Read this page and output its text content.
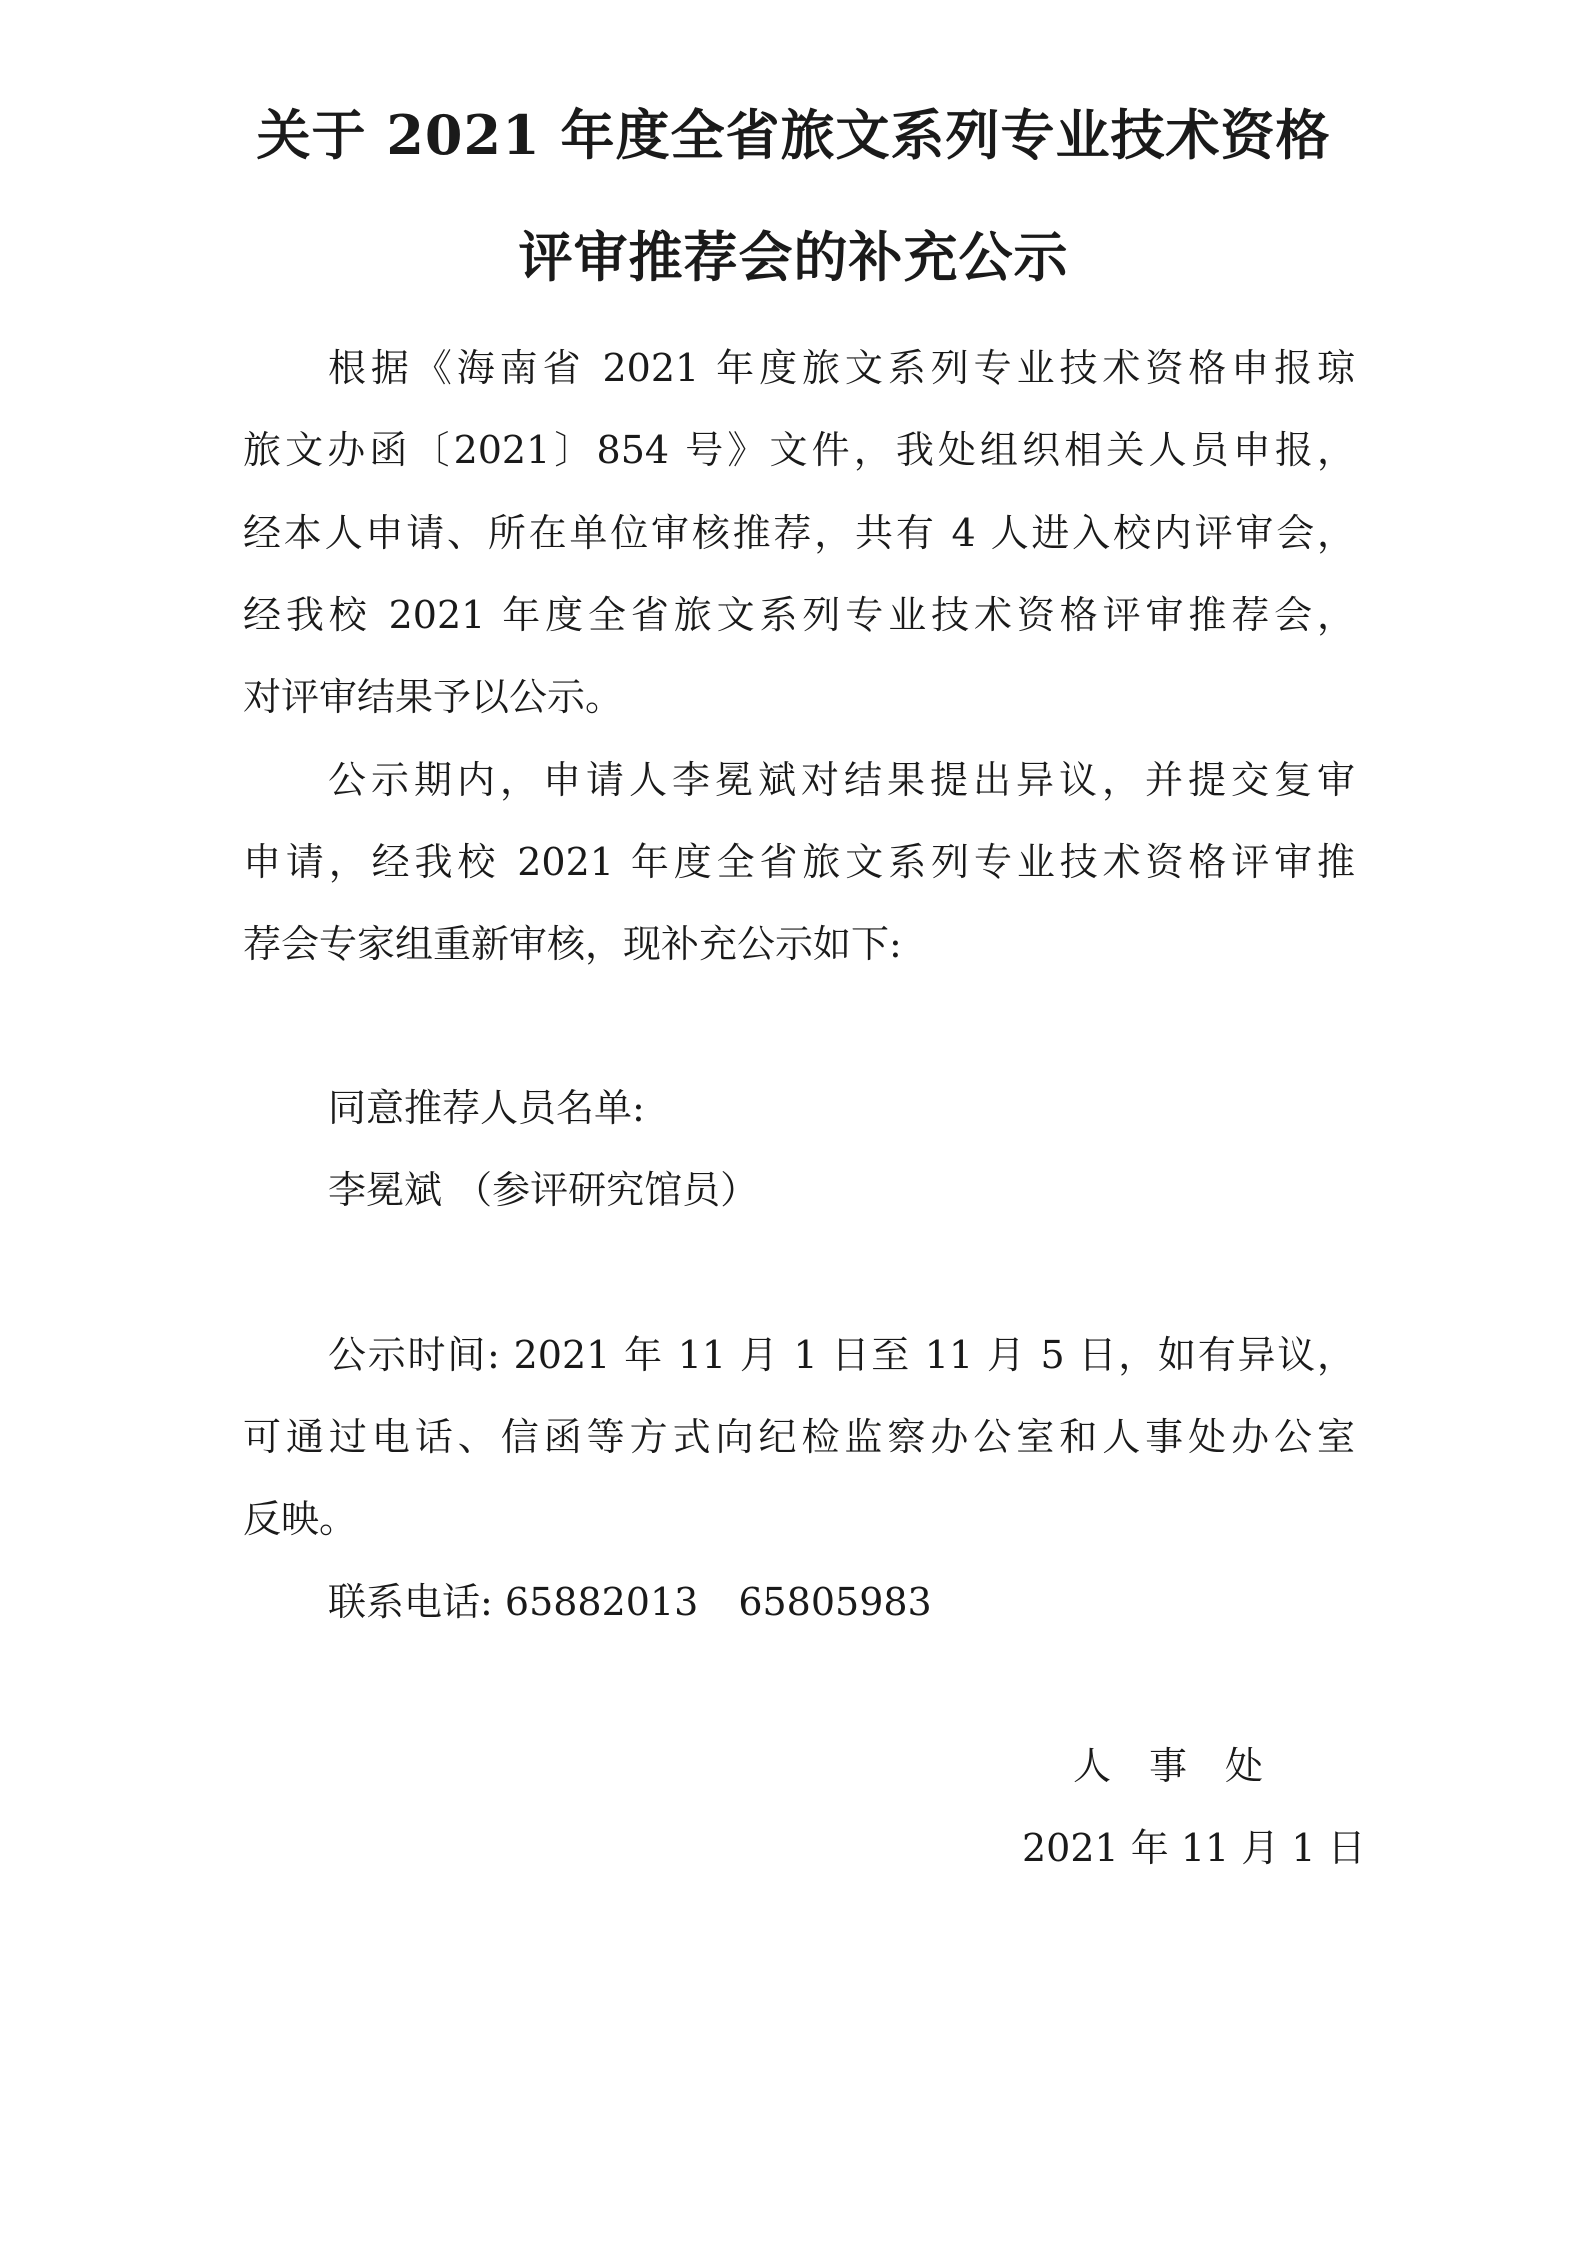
关于 2021 年度全省旅文系列专业技术资格
评审推荐会的补充公示
根据《海南省 2021 年度旅文系列专业技术资格申报琼
旅文办函〔2021〕854 号》文件，我处组织相关人员申报，
经本人申请、所在单位审核推荐，共有 4 人进入校内评审会，
经我校 2021 年度全省旅文系列专业技术资格评审推荐会，
对评审结果予以公示。
公示期内，申请人李冕斌对结果提出异议，并提交复审
申请，经我校 2021 年度全省旅文系列专业技术资格评审推
荐会专家组重新审核，现补充公示如下:
同意推荐人员名单:
李冕斌 （参评研究馆员）
公示时间: 2021 年 11 月 1 日至 11 月 5 日，如有异议，
可通过电话、信函等方式向纪检监察办公室和人事处办公室
反映。
联系电话: 65882013 65805983
人　事　处
2021 年 11 月 1 日
